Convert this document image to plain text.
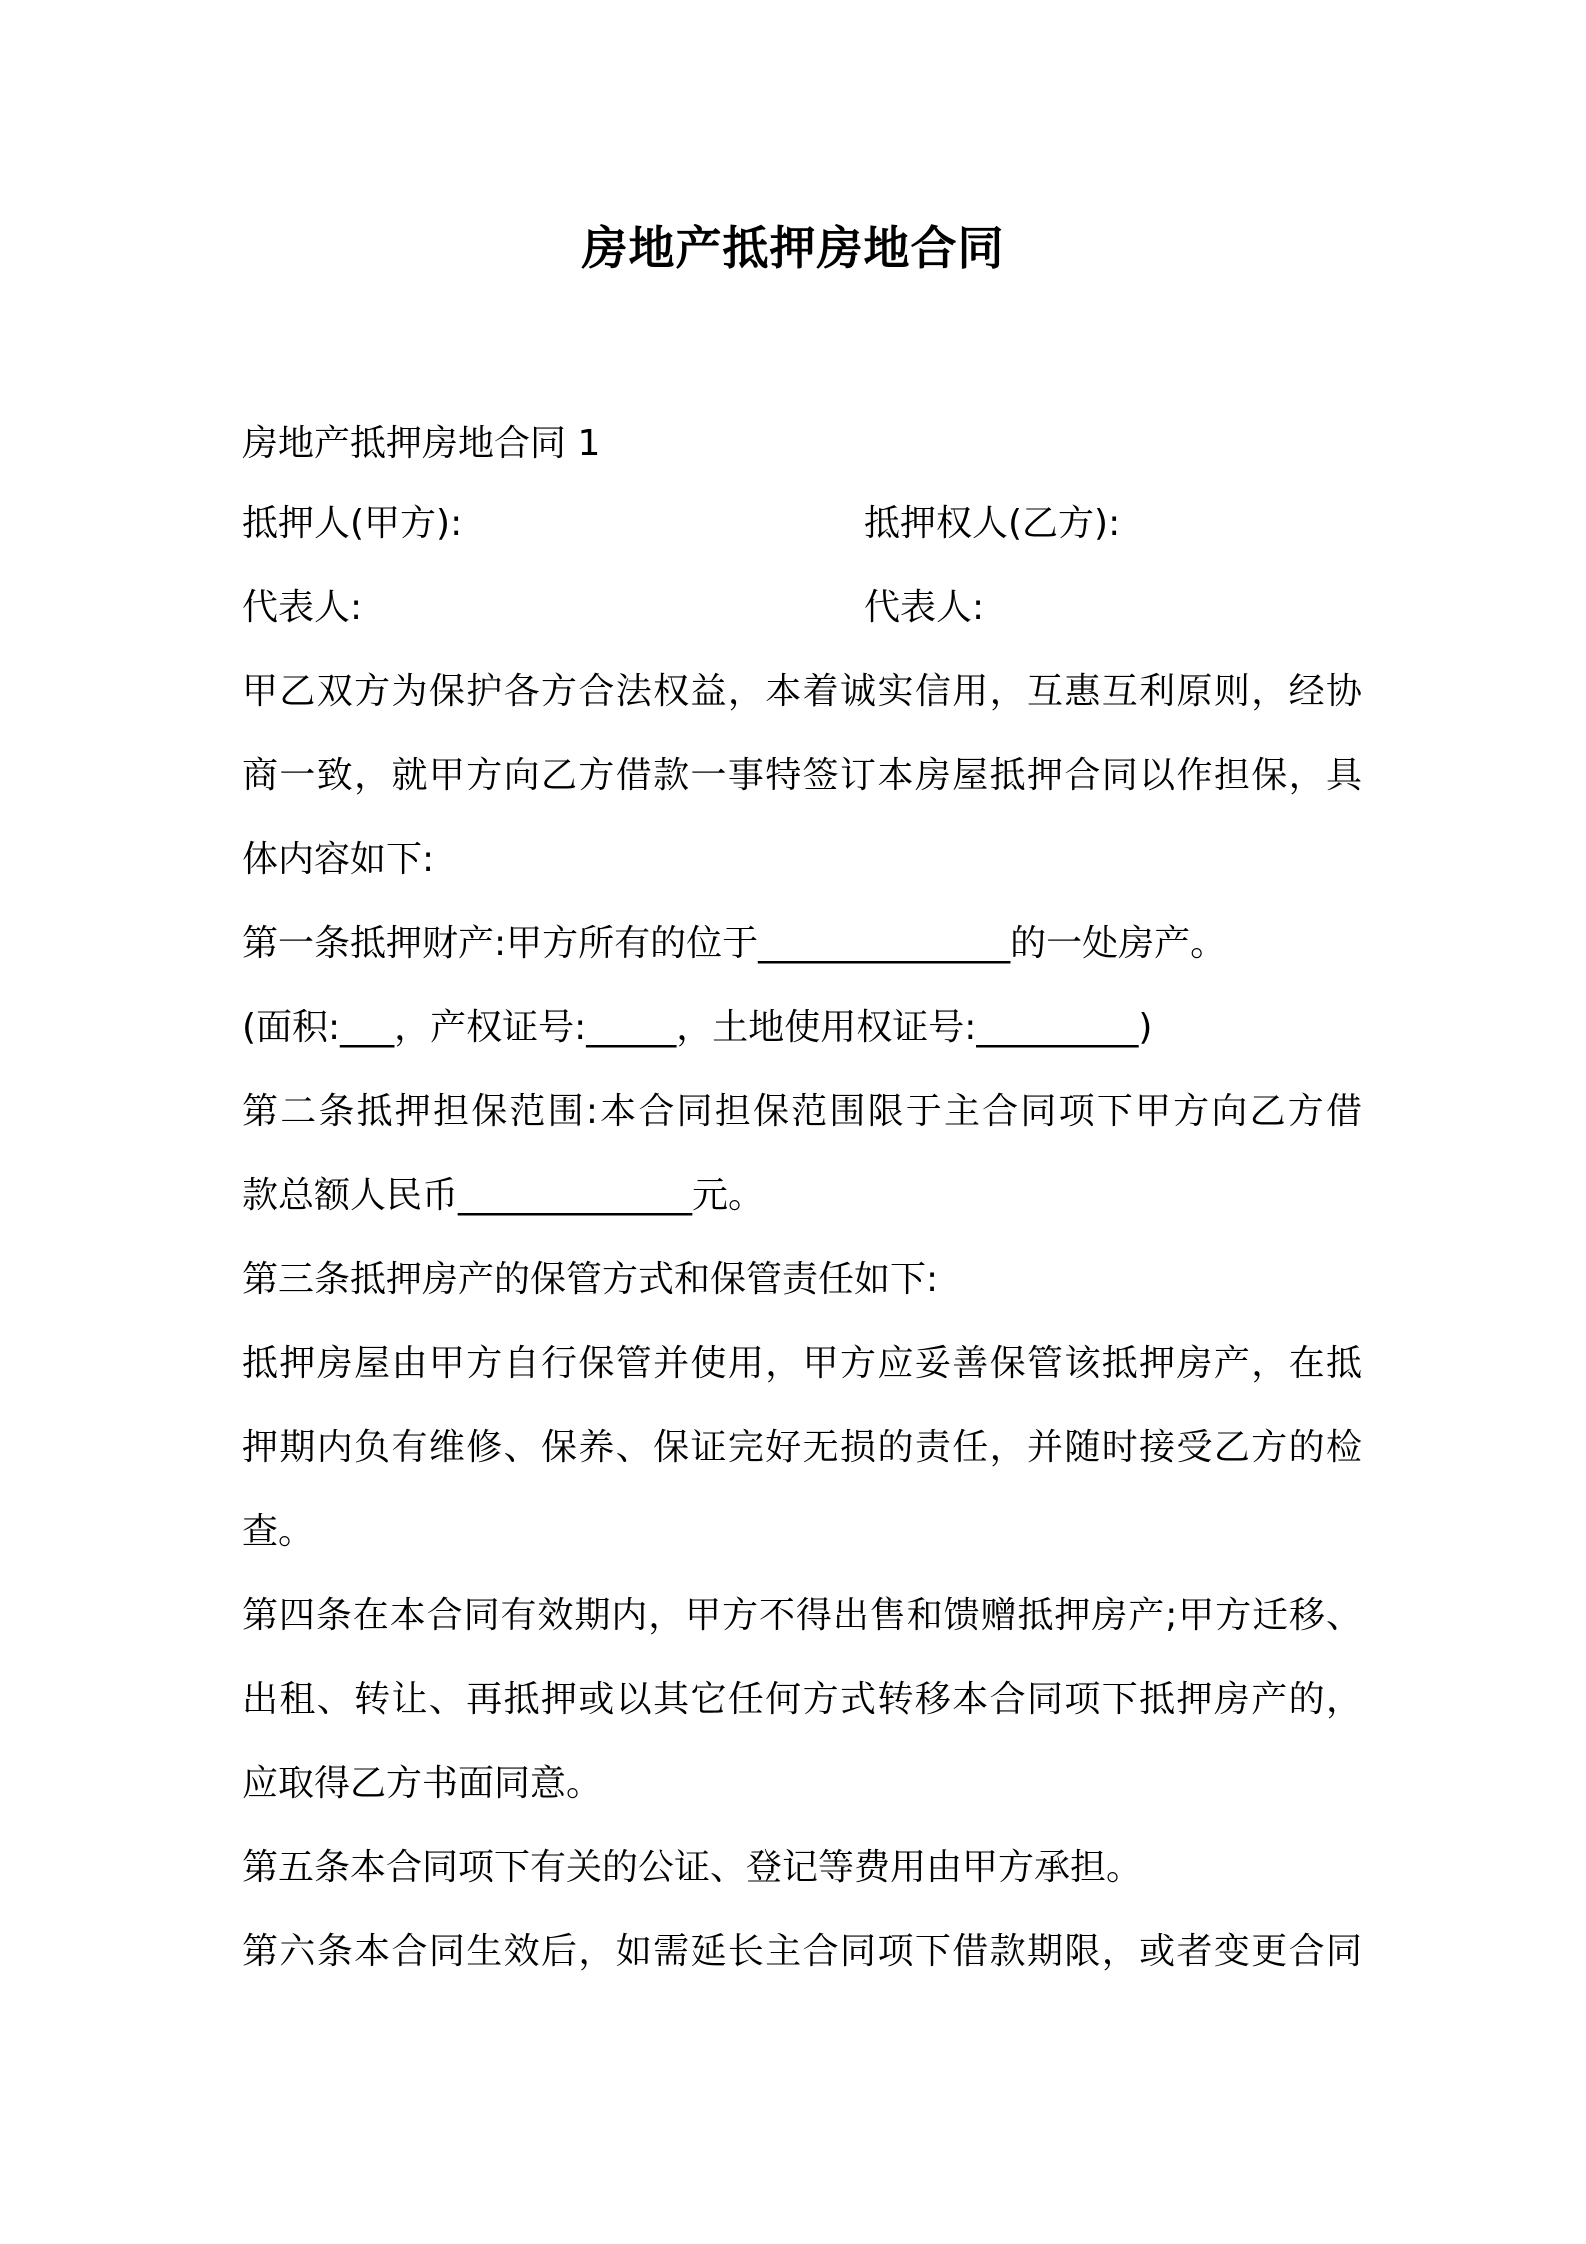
房地产抵押房地合同
房地产抵押房地合同 1
抵押人(甲方):	抵押权人(乙方):
代表人:	代表人:
甲乙双方为保护各方合法权益，本着诚实信用，互惠互利原则，经协
商一致，就甲方向乙方借款一事特签订本房屋抵押合同以作担保，具
体内容如下:
第一条抵押财产:甲方所有的位于______________的一处房产。
(面积:___，产权证号:_____，土地使用权证号:_________)
第二条抵押担保范围:本合同担保范围限于主合同项下甲方向乙方借
款总额人民币_____________元。
第三条抵押房产的保管方式和保管责任如下:
抵押房屋由甲方自行保管并使用，甲方应妥善保管该抵押房产，在抵
押期内负有维修、保养、保证完好无损的责任，并随时接受乙方的检
查。
第四条在本合同有效期内，甲方不得出售和馈赠抵押房产;甲方迁移、
出租、转让、再抵押或以其它任何方式转移本合同项下抵押房产的，
应取得乙方书面同意。
第五条本合同项下有关的公证、登记等费用由甲方承担。
第六条本合同生效后，如需延长主合同项下借款期限，或者变更合同
